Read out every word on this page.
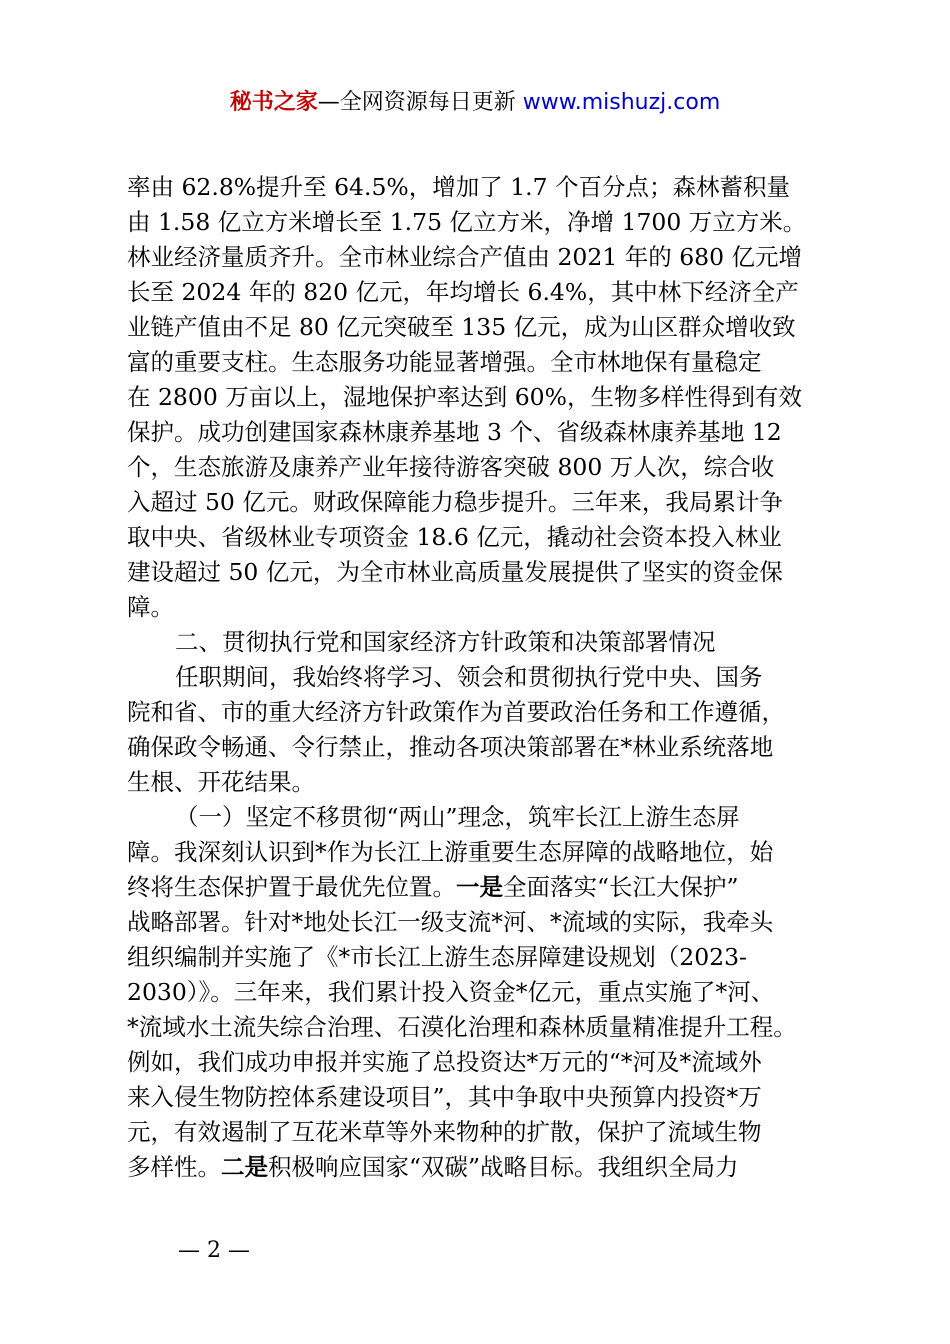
秘书之家—全网资源每日更新 www.mishuzj.com
率由 62.8%提升至 64.5%，增加了 1.7 个百分点；森林蓄积量
由 1.58 亿立方米增长至 1.75 亿立方米，净增 1700 万立方米。
林业经济量质齐升。全市林业综合产值由 2021 年的 680 亿元增
长至 2024 年的 820 亿元，年均增长 6.4%，其中林下经济全产
业链产值由不足 80 亿元突破至 135 亿元，成为山区群众增收致
富的重要支柱。生态服务功能显著增强。全市林地保有量稳定
在 2800 万亩以上，湿地保护率达到 60%，生物多样性得到有效
保护。成功创建国家森林康养基地 3 个、省级森林康养基地 12
个，生态旅游及康养产业年接待游客突破 800 万人次，综合收
入超过 50 亿元。财政保障能力稳步提升。三年来，我局累计争
取中央、省级林业专项资金 18.6 亿元，撬动社会资本投入林业
建设超过 50 亿元，为全市林业高质量发展提供了坚实的资金保
障。
二、贯彻执行党和国家经济方针政策和决策部署情况
任职期间，我始终将学习、领会和贯彻执行党中央、国务
院和省、市的重大经济方针政策作为首要政治任务和工作遵循，
确保政令畅通、令行禁止，推动各项决策部署在*林业系统落地
生根、开花结果。
（一）坚定不移贯彻“两山”理念，筑牢长江上游生态屏
障。我深刻认识到*作为长江上游重要生态屏障的战略地位，始
终将生态保护置于最优先位置。一是全面落实“长江大保护”
战略部署。针对*地处长江一级支流*河、*流域的实际，我牵头
组织编制并实施了《*市长江上游生态屏障建设规划（2023-
2030）》。三年来，我们累计投入资金*亿元，重点实施了*河、
*流域水土流失综合治理、石漠化治理和森林质量精准提升工程。
例如，我们成功申报并实施了总投资达*万元的“*河及*流域外
来入侵生物防控体系建设项目”，其中争取中央预算内投资*万
元，有效遏制了互花米草等外来物种的扩散，保护了流域生物
多样性。二是积极响应国家“双碳”战略目标。我组织全局力
— 2 —
